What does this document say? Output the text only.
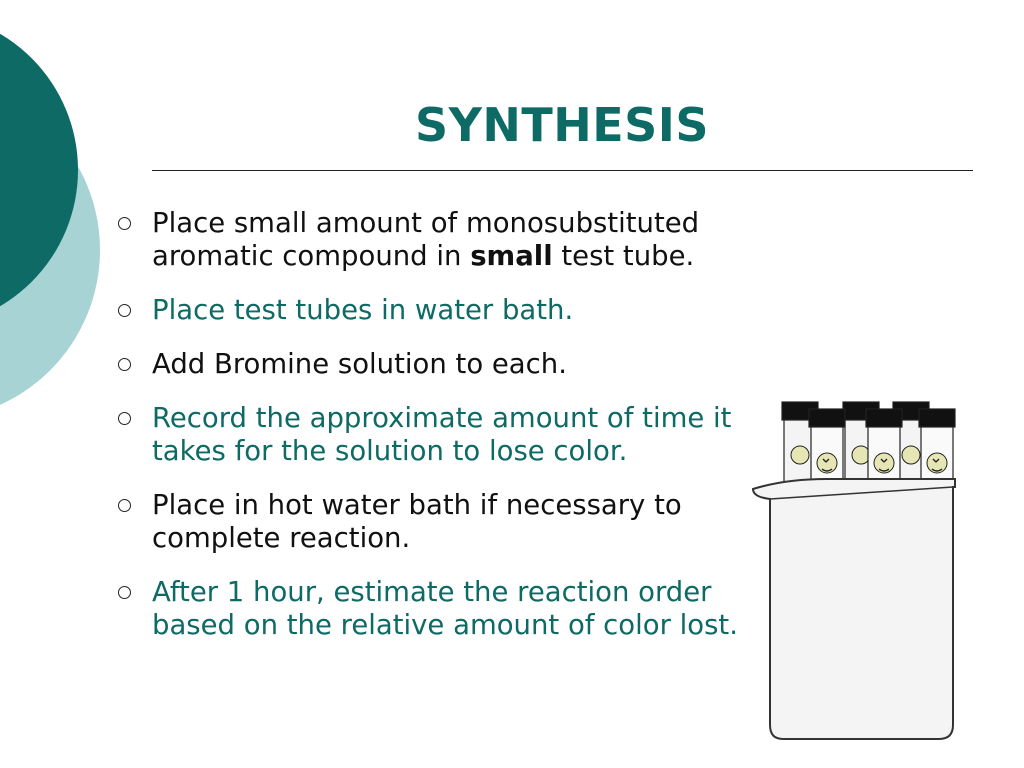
SYNTHESIS
Place small amount of monosubstituted aromatic compound in small test tube.
Place test tubes in water bath.
Add Bromine solution to each.
Record the approximate amount of time it takes for the solution to lose color.
Place in hot water bath if necessary to complete reaction.
After 1 hour, estimate the reaction order based on the relative amount of color lost.
